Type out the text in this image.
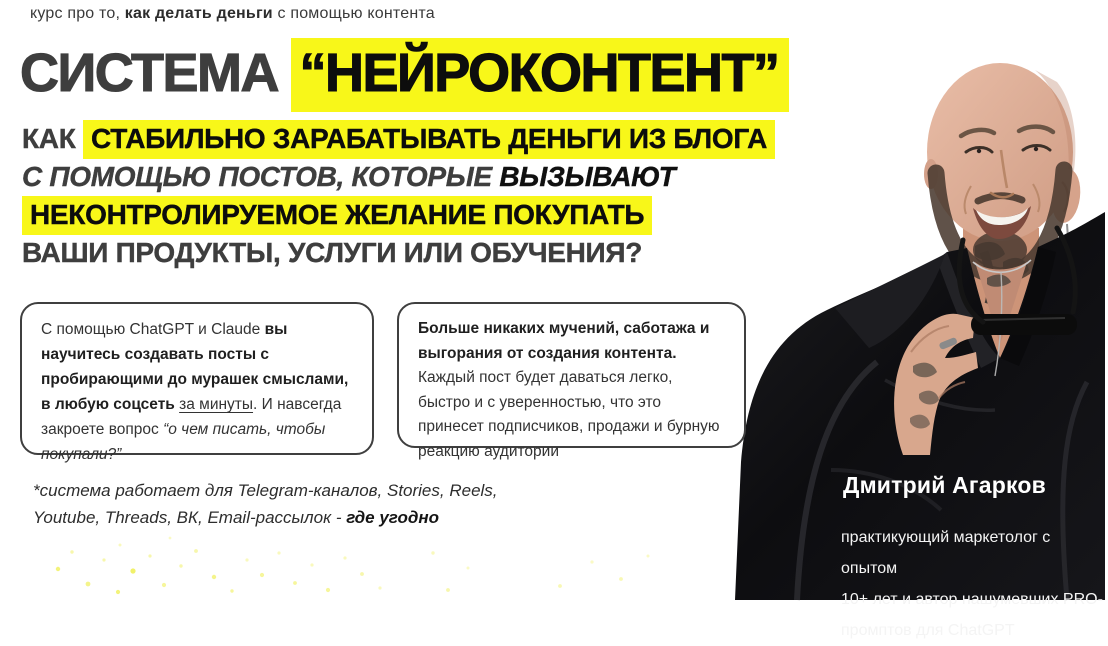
курс про то, как делать деньги с помощью контента
СИСТЕМА “НЕЙРОКОНТЕНТ”
КАК СТАБИЛЬНО ЗАРАБАТЫВАТЬ ДЕНЬГИ ИЗ БЛОГА
С ПОМОЩЬЮ ПОСТОВ, КОТОРЫЕ ВЫЗЫВАЮТ
НЕКОНТРОЛИРУЕМОЕ ЖЕЛАНИЕ ПОКУПАТЬ
ВАШИ ПРОДУКТЫ, УСЛУГИ ИЛИ ОБУЧЕНИЯ?
С помощью ChatGPT и Claude вы научитесь создавать посты с пробирающими до мурашек смыслами, в любую соцсеть за минуты. И навсегда закроете вопрос “о чем писать, чтобы покупали?”
Больше никаких мучений, саботажа и выгорания от создания контента. Каждый пост будет даваться легко, быстро и с уверенностью, что это принесет подписчиков, продажи и бурную реакцию аудитории
*система работает для Telegram-каналов, Stories, Reels, Youtube, Threads, ВК, Email-рассылок - где угодно
Дмитрий Агарков
практикующий маркетолог с опытом
10+ лет и автор нашумевших PRO-
промптов для ChatGPT
